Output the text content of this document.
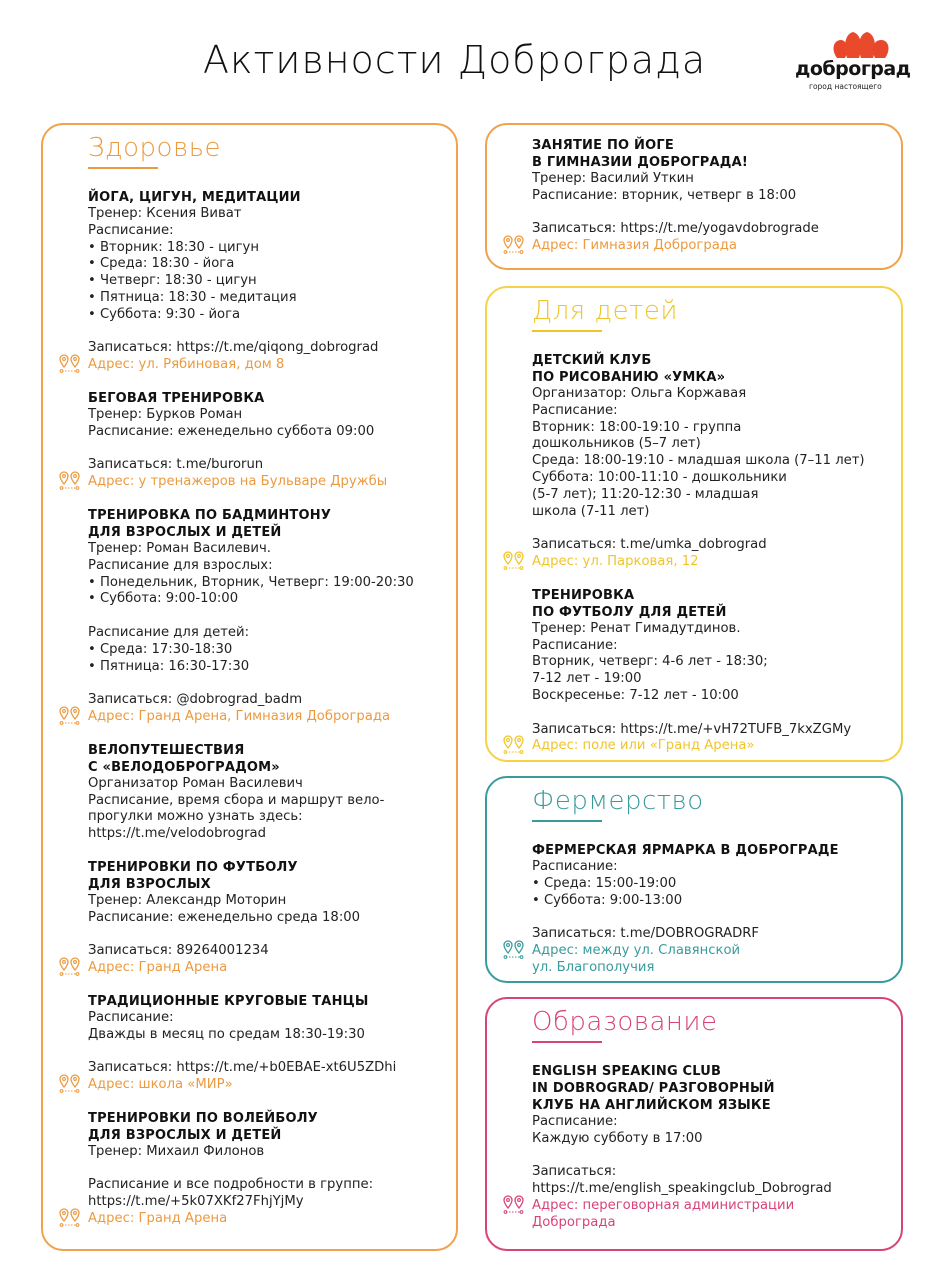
Активности Доброграда	доброград
город настоящего
Здоровье
ЙОГА, ЦИГУН, МЕДИТАЦИИ
Тренер: Ксения Виват
Расписание:
• Вторник: 18:30 - цигун
• Среда: 18:30 - йога
• Четверг: 18:30 - цигун
• Пятница: 18:30 - медитация
• Суббота: 9:30 - йога
Записаться: https://t.me/qiqong_dobrograd
Адрес: ул. Рябиновая, дом 8
БЕГОВАЯ ТРЕНИРОВКА
Тренер: Бурков Роман
Расписание: еженедельно суббота 09:00
Записаться: t.me/burorun
Адрес: у тренажеров на Бульваре Дружбы
ТРЕНИРОВКА ПО БАДМИНТОНУ
ДЛЯ ВЗРОСЛЫХ И ДЕТЕЙ
Тренер: Роман Василевич.
Расписание для взрослых:
• Понедельник, Вторник, Четверг: 19:00-20:30
• Суббота: 9:00-10:00
Расписание для детей:
• Среда: 17:30-18:30
• Пятница: 16:30-17:30
Записаться: @dobrograd_badm
Адрес: Гранд Арена, Гимназия Доброграда
ВЕЛОПУТЕШЕСТВИЯ
С «ВЕЛОДОБРОГРАДОМ»
Организатор Роман Василевич
Расписание, время сбора и маршрут вело-
прогулки можно узнать здесь:
https://t.me/velodobrograd
ТРЕНИРОВКИ ПО ФУТБОЛУ
ДЛЯ ВЗРОСЛЫХ
Тренер: Александр Моторин
Расписание: еженедельно среда 18:00
Записаться: 89264001234
Адрес: Гранд Арена
ТРАДИЦИОННЫЕ КРУГОВЫЕ ТАНЦЫ
Расписание:
Дважды в месяц по средам 18:30-19:30
Записаться: https://t.me/+b0EBAE-xt6U5ZDhi
Адрес: школа «МИР»
ТРЕНИРОВКИ ПО ВОЛЕЙБОЛУ
ДЛЯ ВЗРОСЛЫХ И ДЕТЕЙ
Тренер: Михаил Филонов
Расписание и все подробности в группе:
https://t.me/+5k07XKf27FhjYjMy
Адрес: Гранд Арена
ЗАНЯТИЕ ПО ЙОГЕ
В ГИМНАЗИИ ДОБРОГРАДА!
Тренер: Василий Уткин
Расписание: вторник, четверг в 18:00
Записаться: https://t.me/yogavdobrograde
Адрес: Гимназия Доброграда
Для детей
ДЕТСКИЙ КЛУБ
ПО РИСОВАНИЮ «УМКА»
Организатор: Ольга Коржавая
Расписание:
Вторник: 18:00-19:10 - группа
дошкольников (5–7 лет)
Среда: 18:00-19:10 - младшая школа (7–11 лет)
Суббота: 10:00-11:10 - дошкольники
(5-7 лет); 11:20-12:30 - младшая
школа (7-11 лет)
Записаться: t.me/umka_dobrograd
Адрес: ул. Парковая, 12
ТРЕНИРОВКА
ПО ФУТБОЛУ ДЛЯ ДЕТЕЙ
Тренер: Ренат Гимадутдинов.
Расписание:
Вторник, четверг: 4-6 лет - 18:30;
7-12 лет - 19:00
Воскресенье: 7-12 лет - 10:00
Записаться: https://t.me/+vH72TUFB_7kxZGMy
Адрес: поле или «Гранд Арена»
Фермерство
ФЕРМЕРСКАЯ ЯРМАРКА В ДОБРОГРАДЕ
Расписание:
• Среда: 15:00-19:00
• Суббота: 9:00-13:00
Записаться: t.me/DOBROGRADRF
Адрес: между ул. Славянской
ул. Благополучия
Образование
ENGLISH SPEAKING CLUB
IN DOBROGRAD/ РАЗГОВОРНЫЙ
КЛУБ НА АНГЛИЙСКОМ ЯЗЫКЕ
Расписание:
Каждую субботу в 17:00
Записаться:
https://t.me/english_speakingclub_Dobrograd
Адрес: переговорная администрации
Доброграда
